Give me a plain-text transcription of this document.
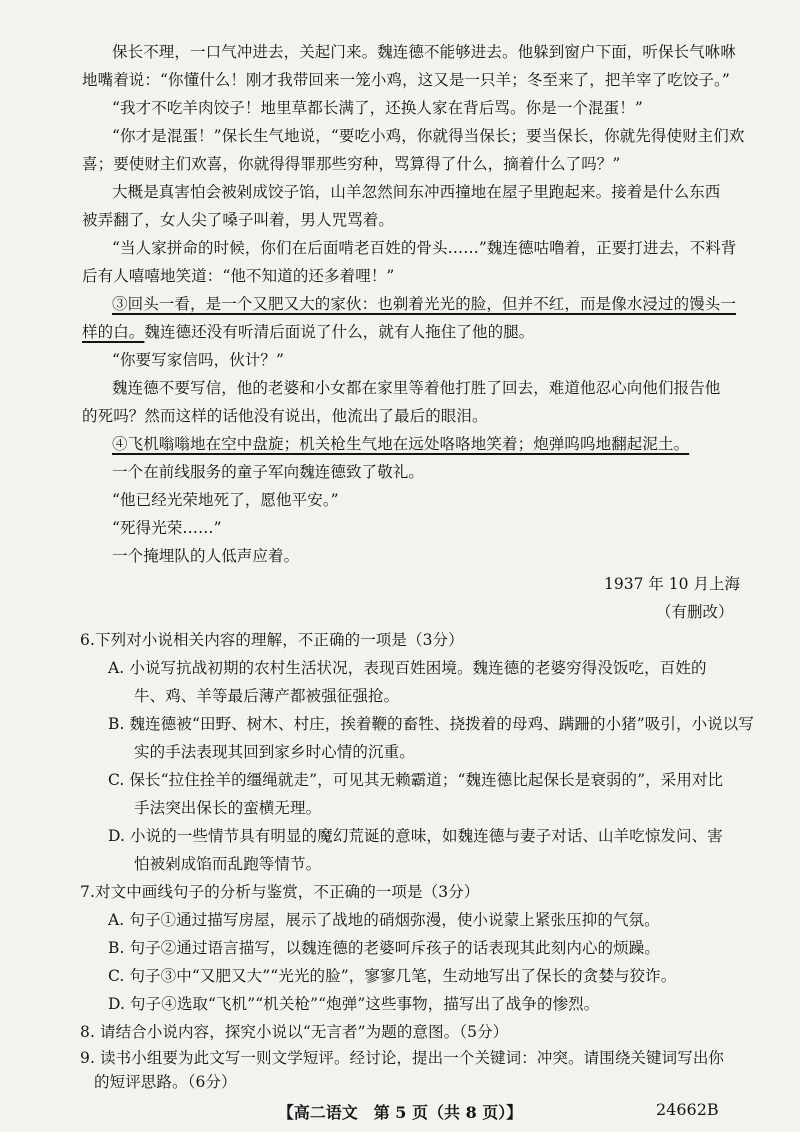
保长不理，一口气冲进去，关起门来。魏连德不能够进去。他躲到窗户下面，听保长气咻咻
地嘴着说：“你懂什么！刚才我带回来一笼小鸡，这又是一只羊；冬至来了，把羊宰了吃饺子。”
“我才不吃羊肉饺子！地里草都长满了，还换人家在背后骂。你是一个混蛋！”
“你才是混蛋！”保长生气地说，“要吃小鸡，你就得当保长；要当保长，你就先得使财主们欢
喜；要使财主们欢喜，你就得得罪那些穷种，骂算得了什么，摘着什么了吗？”
大概是真害怕会被剁成饺子馅，山羊忽然间东冲西撞地在屋子里跑起来。接着是什么东西
被弄翻了，女人尖了嗓子叫着，男人咒骂着。
“当人家拼命的时候，你们在后面啃老百姓的骨头……”魏连德咕噜着，正要打进去，不料背
后有人嘻嘻地笑道：“他不知道的还多着哩！”
③回头一看，是一个又肥又大的家伙：也剃着光光的脸，但并不红，而是像水浸过的馒头一
样的白。魏连德还没有听清后面说了什么，就有人拖住了他的腿。
“你要写家信吗，伙计？”
魏连德不要写信，他的老婆和小女都在家里等着他打胜了回去，难道他忍心向他们报告他
的死吗？然而这样的话他没有说出，他流出了最后的眼泪。
④飞机嗡嗡地在空中盘旋；机关枪生气地在远处咯咯地笑着；炮弹呜呜地翻起泥土。
一个在前线服务的童子军向魏连德致了敬礼。
“他已经光荣地死了，愿他平安。”
“死得光荣……”
一个掩埋队的人低声应着。
1937 年 10 月上海
（有删改）
6.下列对小说相关内容的理解，不正确的一项是（3分）
A. 小说写抗战初期的农村生活状况，表现百姓困境。魏连德的老婆穷得没饭吃，百姓的
牛、鸡、羊等最后薄产都被强征强抢。
B. 魏连德被“田野、树木、村庄，挨着鞭的畜牲、挠拨着的母鸡、蹒跚的小猪”吸引，小说以写
实的手法表现其回到家乡时心情的沉重。
C. 保长“拉住拴羊的缰绳就走”，可见其无赖霸道；“魏连德比起保长是衰弱的”，采用对比
手法突出保长的蛮横无理。
D. 小说的一些情节具有明显的魔幻荒诞的意味，如魏连德与妻子对话、山羊吃惊发问、害
怕被剁成馅而乱跑等情节。
7.对文中画线句子的分析与鉴赏，不正确的一项是（3分）
A. 句子①通过描写房屋，展示了战地的硝烟弥漫，使小说蒙上紧张压抑的气氛。
B. 句子②通过语言描写，以魏连德的老婆呵斥孩子的话表现其此刻内心的烦躁。
C. 句子③中“又肥又大”“光光的脸”，寥寥几笔，生动地写出了保长的贪婪与狡诈。
D. 句子④选取“飞机”“机关枪”“炮弹”这些事物，描写出了战争的惨烈。
8. 请结合小说内容，探究小说以“无言者”为题的意图。（5分）
9. 读书小组要为此文写一则文学短评。经讨论，提出一个关键词：冲突。请围绕关键词写出你
【高二语文　第 5 页（共 8 页）】	24662B
的短评思路。（6分）
